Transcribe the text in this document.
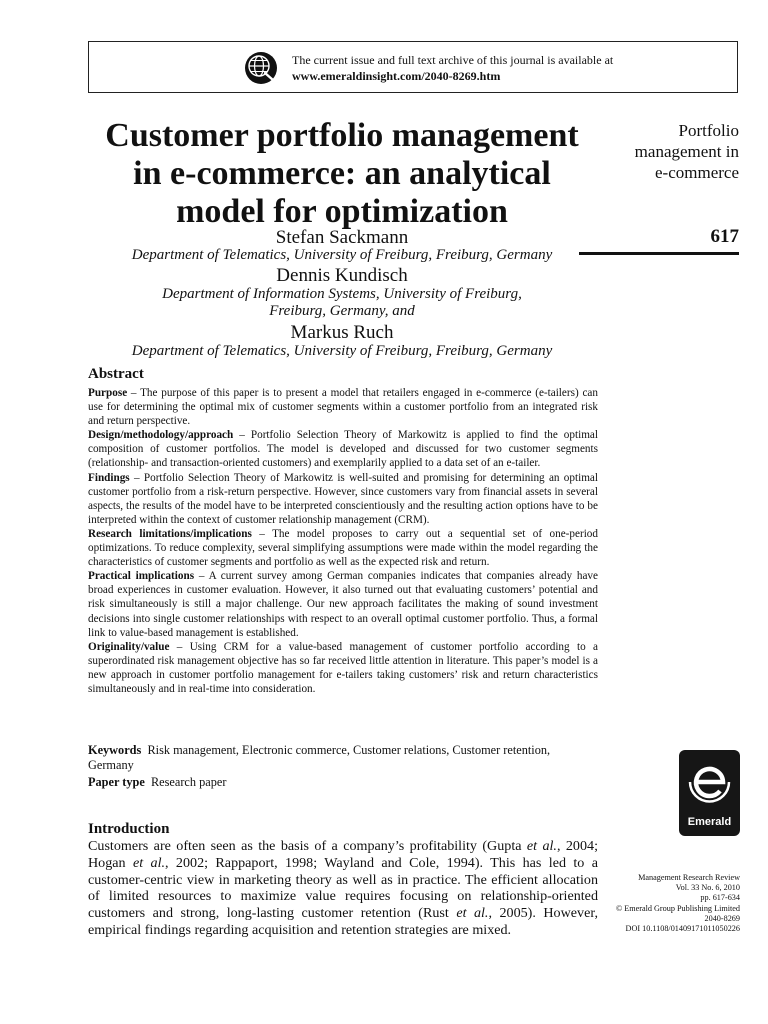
The current issue and full text archive of this journal is available at
www.emeraldinsight.com/2040-8269.htm
Customer portfolio management in e-commerce: an analytical model for optimization
Stefan Sackmann
Department of Telematics, University of Freiburg, Freiburg, Germany
Dennis Kundisch
Department of Information Systems, University of Freiburg,
Freiburg, Germany, and
Markus Ruch
Department of Telematics, University of Freiburg, Freiburg, Germany
Portfolio
management in
e-commerce
617
Abstract

Purpose – The purpose of this paper is to present a model that retailers engaged in e-commerce (e-tailers) can use for determining the optimal mix of customer segments within a customer portfolio from an integrated risk and return perspective.

Design/methodology/approach – Portfolio Selection Theory of Markowitz is applied to find the optimal composition of customer portfolios. The model is developed and discussed for two customer segments (relationship- and transaction-oriented customers) and exemplarily applied to a data set of an e-tailer.

Findings – Portfolio Selection Theory of Markowitz is well-suited and promising for determining an optimal customer portfolio from a risk-return perspective. However, since customers vary from financial assets in several aspects, the results of the model have to be interpreted conscientiously and the resulting action options have to be interpreted within the context of customer relationship management (CRM).

Research limitations/implications – The model proposes to carry out a sequential set of one-period optimizations. To reduce complexity, several simplifying assumptions were made within the model regarding the characteristics of customer segments and portfolio as well as the expected risk and return.

Practical implications – A current survey among German companies indicates that companies already have broad experiences in customer evaluation. However, it also turned out that evaluating customers’ potential and risk simultaneously is still a major challenge. Our new approach facilitates the making of sound investment decisions into single customer relationships with respect to an overall optimal customer portfolio. Thus, a formal link to value-based management is established.

Originality/value – Using CRM for a value-based management of customer portfolio according to a superordinated risk management objective has so far received little attention in literature. This paper’s model is a new approach in customer portfolio management for e-tailers taking customers’ risk and return characteristics simultaneously and in real-time into consideration.

Keywords Risk management, Electronic commerce, Customer relations, Customer retention, Germany
Paper type Research paper
Introduction

Customers are often seen as the basis of a company’s profitability (Gupta et al., 2004; Hogan et al., 2002; Rappaport, 1998; Wayland and Cole, 1994). This has led to a customer-centric view in marketing theory as well as in practice. The efficient allocation of limited resources to maximize value requires focusing on relationship-oriented customers and strong, long-lasting customer retention (Rust et al., 2005). However, empirical findings regarding acquisition and retention strategies are mixed.

Emerald
Management Research Review
Vol. 33 No. 6, 2010
pp. 617-634
© Emerald Group Publishing Limited
2040-8269
DOI 10.1108/01409171011050226
